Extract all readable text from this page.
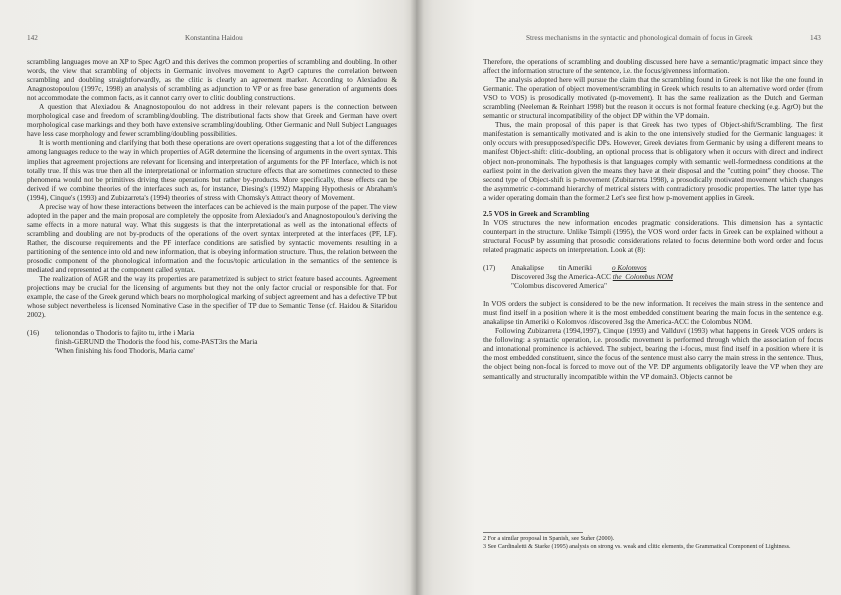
142	Konstantina Haidou

scrambling languages move an XP to Spec AgrO and this derives the common properties of scrambling and doubling. In other words, the view that scrambling of objects in Germanic involves movement to AgrO captures the correlation between scrambling and doubling straightforwardly, as the clitic is clearly an agreement marker. According to Alexiadou & Anagnostopoulou (1997c, 1998) an analysis of scrambling as adjunction to VP or as free base generation of arguments does not accommodate the common facts, as it cannot carry over to clitic doubling constructions.

A question that Alexiadou & Anagnostopoulou do not address in their relevant papers is the connection between morphological case and freedom of scrambling/doubling. The distributional facts show that Greek and German have overt morphological case markings and they both have extensive scrambling/doubling. Other Germanic and Null Subject Languages have less case morphology and fewer scrambling/doubling possibilities.

It is worth mentioning and clarifying that both these operations are overt operations suggesting that a lot of the differences among languages reduce to the way in which properties of AGR determine the licensing of arguments in the overt syntax. This implies that agreement projections are relevant for licensing and interpretation of arguments for the PF Interface, which is not totally true. If this was true then all the interpretational or information structure effects that are sometimes connected to these phenomena would not be primitives driving these operations but rather by-products. More specifically, these effects can be derived if we combine theories of the interfaces such as, for instance, Diesing's (1992) Mapping Hypothesis or Abraham's (1994), Cinque's (1993) and Zubizarreta's (1994) theories of stress with Chomsky's Attract theory of Movement.

A precise way of how these interactions between the interfaces can be achieved is the main purpose of the paper. The view adopted in the paper and the main proposal are completely the opposite from Alexiadou's and Anagnostopoulou's deriving the same effects in a more natural way. What this suggests is that the interpretational as well as the intonational effects of scrambling and doubling are not by-products of the operations of the overt syntax interpreted at the interfaces (PF, LF). Rather, the discourse requirements and the PF interface conditions are satisfied by syntactic movements resulting in a partitioning of the sentence into old and new information, that is obeying information structure. Thus, the relation between the prosodic component of the phonological information and the focus/topic articulation in the semantics of the sentence is mediated and represented at the component called syntax.

The realization of AGR and the way its properties are parametrized is subject to strict feature based accounts. Agreement projections may be crucial for the licensing of arguments but they not the only factor crucial or responsible for that. For example, the case of the Greek gerund which bears no morphological marking of subject agreement and has a defective TP but whose subject nevertheless is licensed Nominative Case in the specifier of TP due to Semantic Tense (cf. Haidou & Sitaridou 2002).

(16) telionondas o Thodoris to fajito tu, irthe i Maria
finish-GERUND the Thodoris the food his, come-PAST3rs the Maria
'When finishing his food Thodoris, Maria came'
Stress mechanisms in the syntactic and phonological domain of focus in Greek	143

Therefore, the operations of scrambling and doubling discussed here have a semantic/pragmatic impact since they affect the information structure of the sentence, i.e. the focus/givenness information.

The analysis adopted here will pursue the claim that the scrambling found in Greek is not like the one found in Germanic. The operation of object movement/scrambling in Greek which results to an alternative word order (from VSO to VOS) is prosodically motivated (p-movement). It has the same realization as the Dutch and German scrambling (Neeleman & Reinhart 1998) but the reason it occurs is not formal feature checking (e.g. AgrO) but the semantic or structural incompatibility of the object DP within the VP domain.

Thus, the main proposal of this paper is that Greek has two types of Object-shift/Scrambling. The first manifestation is semantically motivated and is akin to the one intensively studied for the Germanic languages: it only occurs with presupposed/specific DPs. However, Greek deviates from Germanic by using a different means to manifest Object-shift: clitic-doubling, an optional process that is obligatory when it occurs with direct and indirect object non-pronominals. The hypothesis is that languages comply with semantic well-formedness conditions at the earliest point in the derivation given the means they have at their disposal and the "cutting point" they choose. The second type of Object-shift is p-movement (Zubitarreta 1998), a prosodically motivated movement which changes the asymmetric c-command hierarchy of metrical sisters with contradictory prosodic properties. The latter type has a wider operating domain than the former.2 Let's see first how p-movement applies in Greek.

2.5 VOS in Greek and Scrambling

In VOS structures the new information encodes pragmatic considerations. This dimension has a syntactic counterpart in the structure. Unlike Tsimpli (1995), the VOS word order facts in Greek can be explained without a structural FocusP by assuming that prosodic considerations related to focus determine both word order and focus related pragmatic aspects on interpretation. Look at (8):

(17) Anakalipse        tin Ameriki           o Kolomvos
Discovered 3sg the America-ACC the  Colombus NOM
"Colombus discovered America"

In VOS orders the subject is considered to be the new information. It receives the main stress in the sentence and must find itself in a position where it is the most embedded constituent bearing the main focus in the sentence e.g. anakalipse tin Ameriki o Kolomvos /discovered 3sg the America-ACC the Colombus NOM.

Following Zubizarreta (1994,1997), Cinque (1993) and Vallduví (1993) what happens in Greek VOS orders is the following: a syntactic operation, i.e. prosodic movement is performed through which the association of focus and intonational prominence is achieved. The subject, bearing the i-focus, must find itself in a position where it is the most embedded constituent, since the focus of the sentence must also carry the main stress in the sentence. Thus, the object being non-focal is forced to move out of the VP. DP arguments obligatorily leave the VP when they are semantically and structurally incompatible within the VP domain3. Objects cannot be

2 For a similar proposal in Spanish, see Suñer (2000).
3 See Cardinaletti & Starke (1995) analysis on strong vs. weak and clitic elements, the Grammatical Component of Lightness.
